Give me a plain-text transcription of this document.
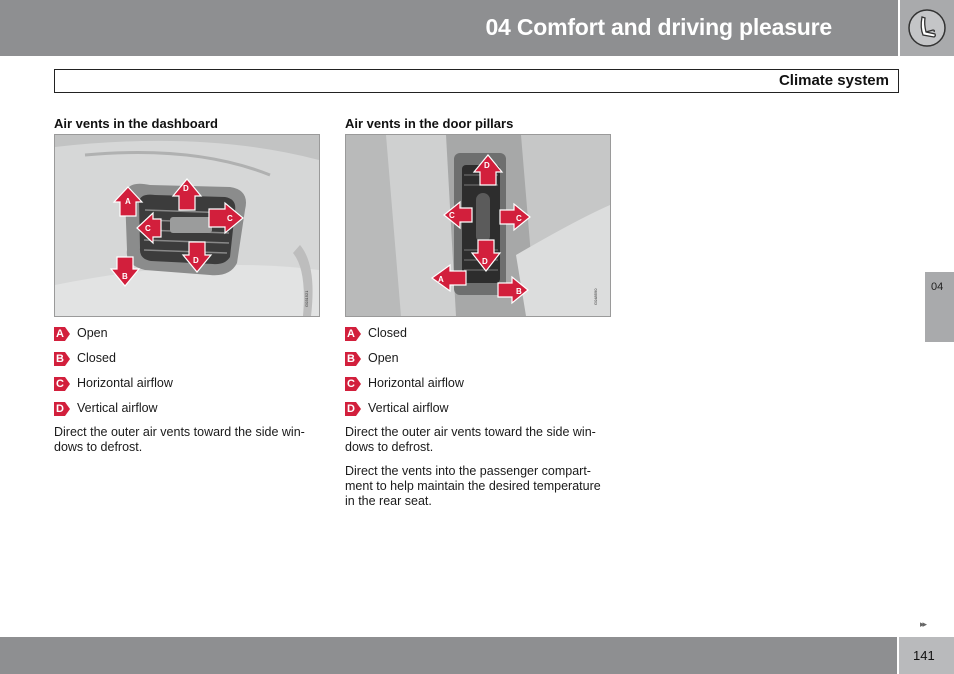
04 Comfort and driving pleasure
Climate system
Air vents in the dashboard
G031521
A
B
C
C
D
D
A Open
B Closed
C Horizontal airflow
D Vertical airflow

Direct the outer air vents toward the side win- dows to defrost.

Air vents in the door pillars
G048590
A
B
C	C
D
D
A Closed
B Open
C Horizontal airflow
D Vertical airflow

Direct the outer air vents toward the side win- dows to defrost.

Direct the vents into the passenger compart- ment to help maintain the desired temperature in the rear seat.

04
▸▸
141
